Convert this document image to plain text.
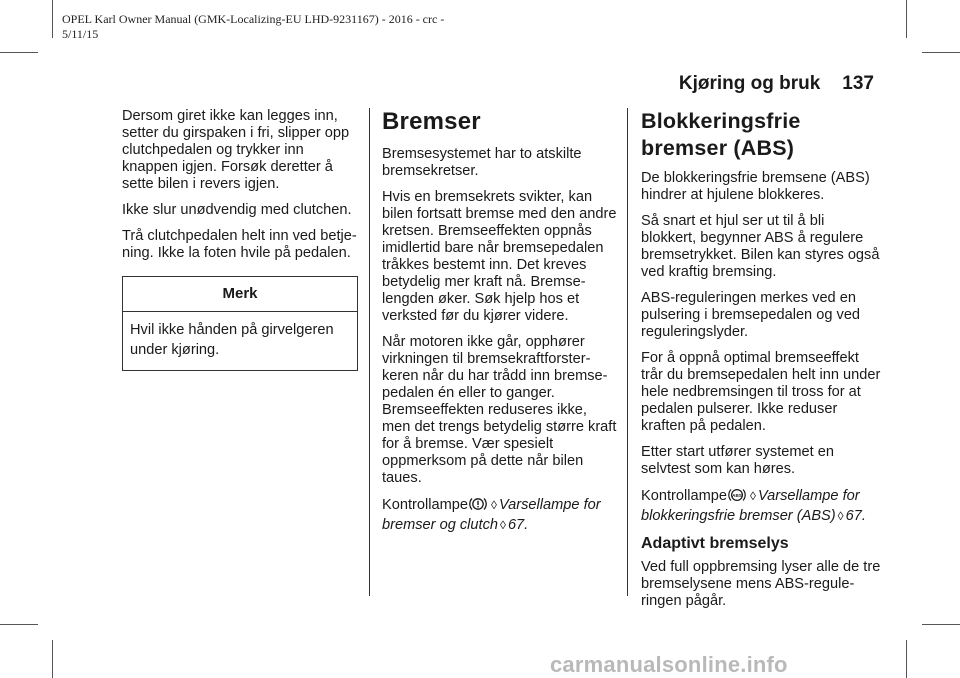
OPEL Karl Owner Manual (GMK-Localizing-EU LHD-9231167) - 2016 - crc -
5/11/15
Kjøring og bruk 137

Dersom giret ikke kan legges inn, setter du girspaken i fri, slipper opp clutchpedalen og trykker inn knappen igjen. Forsøk deretter å sette bilen i revers igjen.

Ikke slur unødvendig med clutchen.

Trå clutchpedalen helt inn ved betje-ning. Ikke la foten hvile på pedalen.

Merk
Hvil ikke hånden på girvelgeren under kjøring.
Bremser

Bremsesystemet har to atskilte bremsekretser.

Hvis en bremsekrets svikter, kan bilen fortsatt bremse med den andre kretsen. Bremseeffekten oppnås imidlertid bare når bremsepedalen tråkkes bestemt inn. Det kreves betydelig mer kraft nå. Bremse-lengden øker. Søk hjelp hos et verksted før du kjører videre.

Når motoren ikke går, opphører virkningen til bremsekraftforster-keren når du har trådd inn bremse-pedalen én eller to ganger. Bremseeffekten reduseres ikke, men det trengs betydelig større kraft for å bremse. Vær spesielt oppmerksom på dette når bilen taues.

Kontrollampe ◊ Varsellampe for bremser og clutch ◊ 67.

Blokkeringsfrie
bremser (ABS)

De blokkeringsfrie bremsene (ABS) hindrer at hjulene blokkeres.

Så snart et hjul ser ut til å bli blokkert, begynner ABS å regulere bremsetrykket. Bilen kan styres også ved kraftig bremsing.

ABS-reguleringen merkes ved en pulsering i bremsepedalen og ved reguleringslyder.

For å oppnå optimal bremseeffekt trår du bremsepedalen helt inn under hele nedbremsingen til tross for at pedalen pulserer. Ikke reduser kraften på pedalen.

Etter start utfører systemet en selvtest som kan høres.

Kontrollampe ABS ◊ Varsellampe for blokkeringsfrie bremser (ABS) ◊ 67.

Adaptivt bremselys

Ved full oppbremsing lyser alle de tre bremselysene mens ABS-regule-ringen pågår.

carmanualsonline.info
